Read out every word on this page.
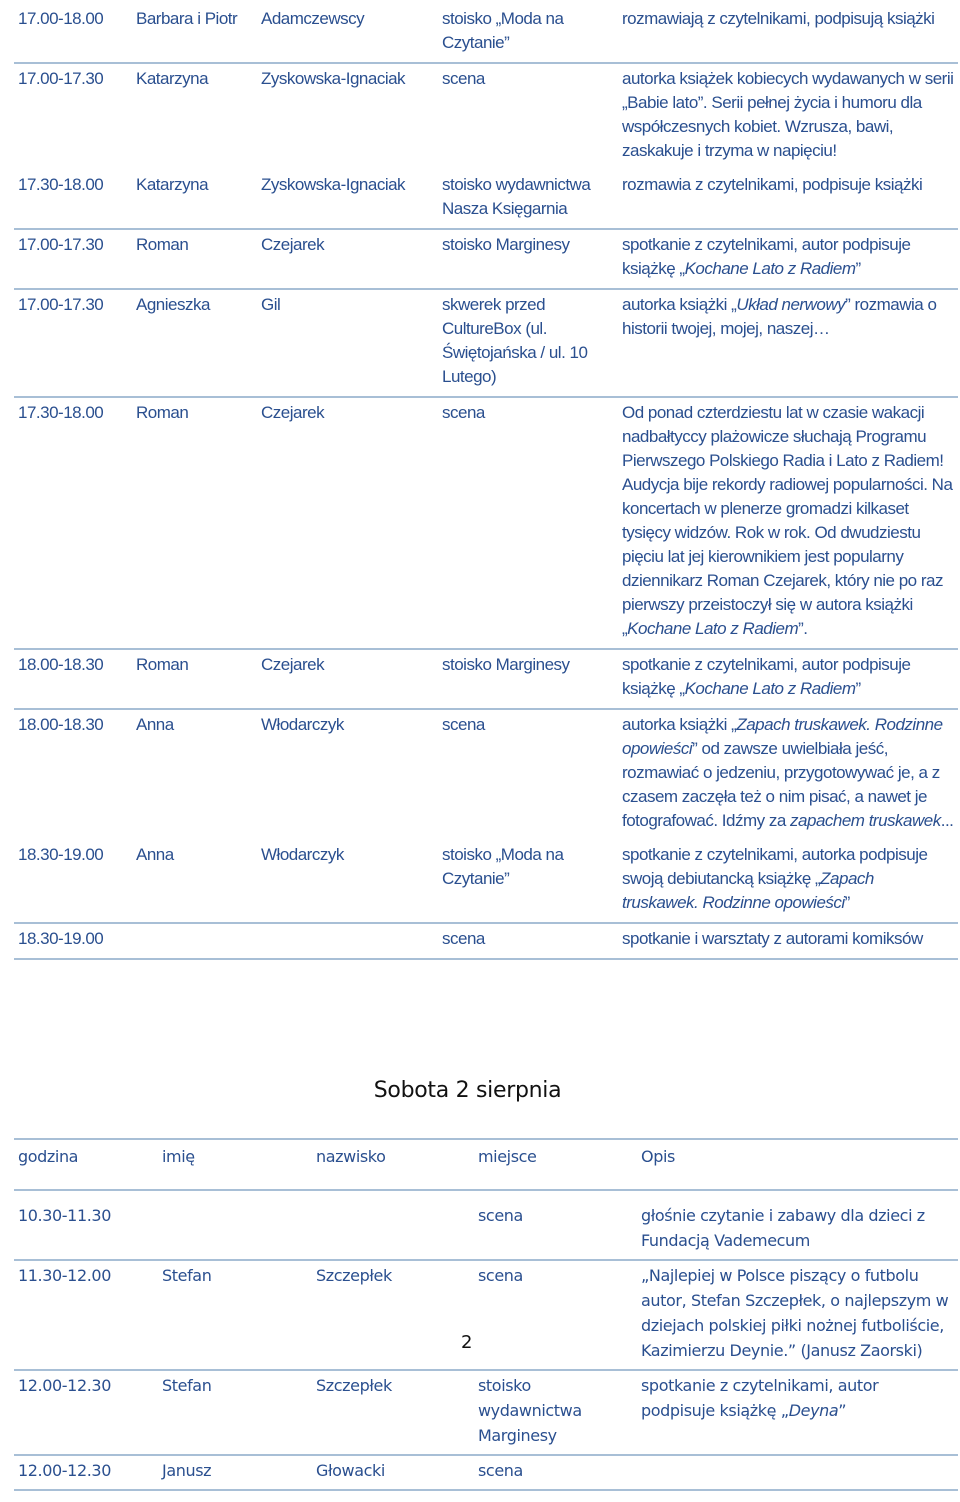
17.00-18.00	Barbara i Piotr	Adamczewscy	stoisko „Moda na Czytanie”	rozmawiają z czytelnikami, podpisują książki
17.00-17.30	Katarzyna	Zyskowska-Ignaciak	scena	autorka książek kobiecych wydawanych w serii „Babie lato”. Serii pełnej życia i humoru dla współczesnych kobiet. Wzrusza, bawi, zaskakuje i trzyma w napięciu!
17.30-18.00	Katarzyna	Zyskowska-Ignaciak	stoisko wydawnictwa Nasza Księgarnia	rozmawia z czytelnikami, podpisuje książki
17.00-17.30	Roman	Czejarek	stoisko Marginesy	spotkanie z czytelnikami, autor podpisuje książkę „Kochane Lato z Radiem”
17.00-17.30	Agnieszka	Gil	skwerek przed CultureBox (ul. Świętojańska / ul. 10 Lutego)	autorka książki „Układ nerwowy” rozmawia o historii twojej, mojej, naszej…
17.30-18.00	Roman	Czejarek	scena	Od ponad czterdziestu lat w czasie wakacji nadbałtyccy plażowicze słuchają Programu Pierwszego Polskiego Radia i Lato z Radiem! Audycja bije rekordy radiowej popularności. Na koncertach w plenerze gromadzi kilkaset tysięcy widzów. Rok w rok. Od dwudziestu pięciu lat jej kierownikiem jest popularny dziennikarz Roman Czejarek, który nie po raz pierwszy przeistoczył się w autora książki „Kochane Lato z Radiem”.
18.00-18.30	Roman	Czejarek	stoisko Marginesy	spotkanie z czytelnikami, autor podpisuje książkę „Kochane Lato z Radiem”
18.00-18.30	Anna	Włodarczyk	scena	autorka książki „Zapach truskawek. Rodzinne opowieści” od zawsze uwielbiała jeść, rozmawiać o jedzeniu, przygotowywać je, a z czasem zaczęła też o nim pisać, a nawet je fotografować. Idźmy za zapachem truskawek...
18.30-19.00	Anna	Włodarczyk	stoisko „Moda na Czytanie”	spotkanie z czytelnikami, autorka podpisuje swoją debiutancką książkę „Zapach truskawek. Rodzinne opowieści”
18.30-19.00			scena	spotkanie i warsztaty z autorami komiksów
Sobota 2 sierpnia
godzina	imię	nazwisko	miejsce	Opis
10.30-11.30			scena	głośnie czytanie i zabawy dla dzieci z Fundacją Vademecum
11.30-12.00	Stefan	Szczepłek	scena	„Najlepiej w Polsce piszący o futbolu autor, Stefan Szczepłek, o najlepszym w dziejach polskiej piłki nożnej futboliście, Kazimierzu Deynie.” (Janusz Zaorski)
12.00-12.30	Stefan	Szczepłek	stoisko wydawnictwa Marginesy	spotkanie z czytelnikami, autor podpisuje książkę „Deyna”
12.00-12.30	Janusz	Głowacki	scena	
2
